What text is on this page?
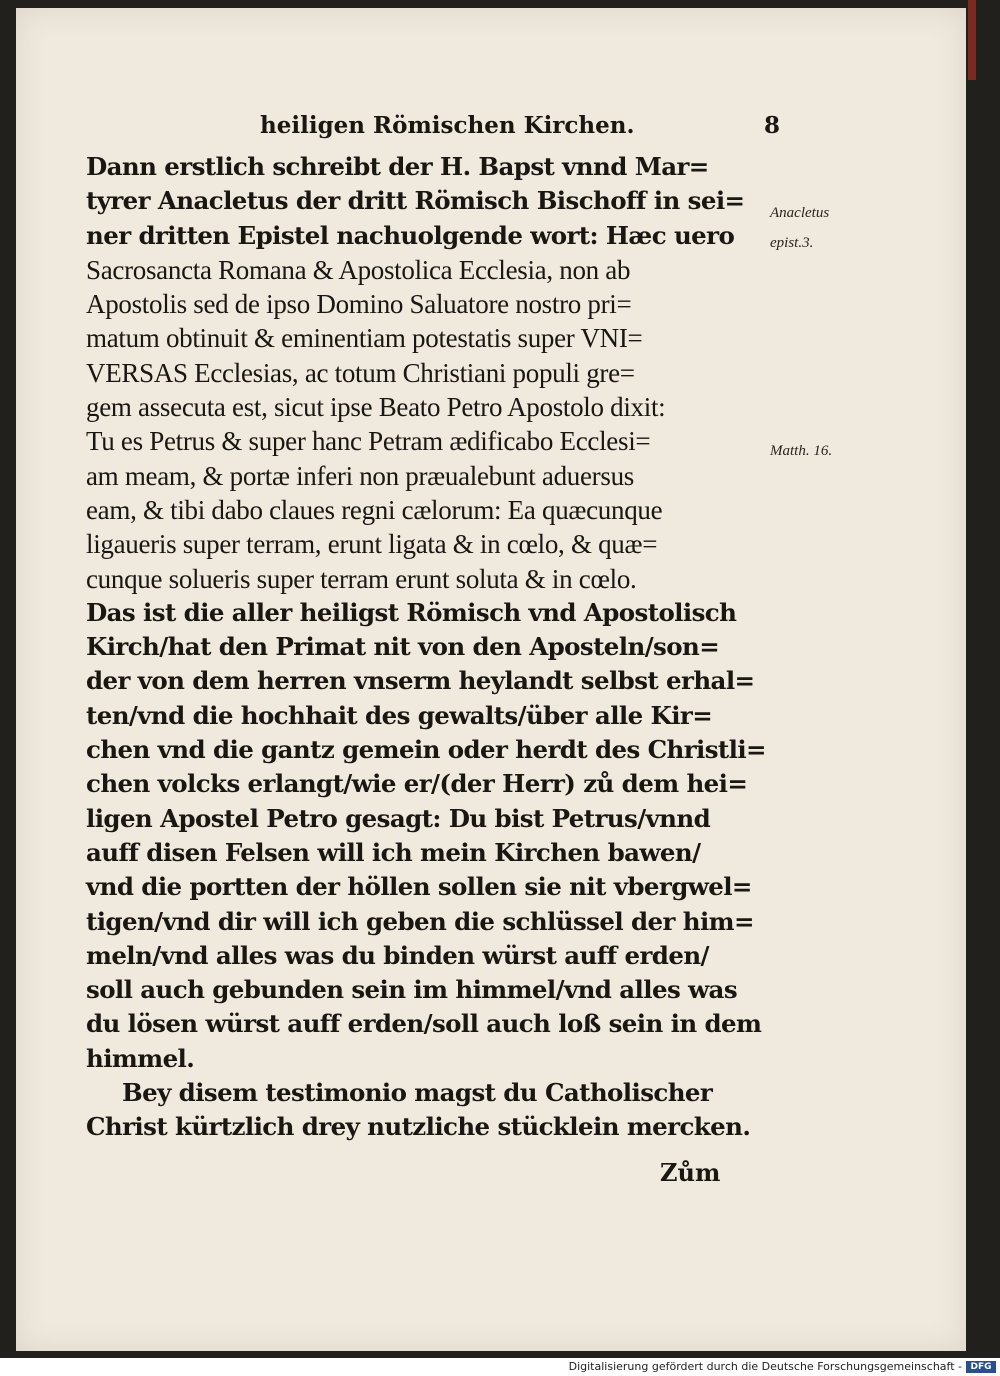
heiligen Römischen Kirchen.	8
Dann erstlich schreibt der H. Bapst vnnd Mar=
tyrer Anacletus der dritt Römisch Bischoff in sei=
ner dritten Epistel nachuolgende wort: Hæc uero
Sacrosancta Romana & Apostolica Ecclesia, non ab
Apostolis sed de ipso Domino Saluatore nostro pri=
matum obtinuit & eminentiam potestatis super VNI=
VERSAS Ecclesias, ac totum Christiani populi gre=
gem assecuta est, sicut ipse Beato Petro Apostolo dixit:
Tu es Petrus & super hanc Petram ædificabo Ecclesi=
am meam, & portæ inferi non præualebunt aduersus
eam, & tibi dabo claues regni cælorum: Ea quæcunque
ligaueris super terram, erunt ligata & in cœlo, & quæ=
cunque solueris super terram erunt soluta & in cœlo.
Das ist die aller heiligst Römisch vnd Apostolisch
Kirch/hat den Primat nit von den Aposteln/son=
der von dem herren vnserm heylandt selbst erhal=
ten/vnd die hochhait des gewalts/über alle Kir=
chen vnd die gantz gemein oder herdt des Christli=
chen volcks erlangt/wie er/(der Herr) zů dem hei=
ligen Apostel Petro gesagt: Du bist Petrus/vnnd
auff disen Felsen will ich mein Kirchen bawen/
vnd die portten der höllen sollen sie nit vbergwel=
tigen/vnd dir will ich geben die schlüssel der him=
meln/vnd alles was du binden würst auff erden/
soll auch gebunden sein im himmel/vnd alles was
du lösen würst auff erden/soll auch loß sein in dem
himmel.
Bey disem testimonio magst du Catholischer
Christ kürtzlich drey nutzliche stücklein mercken.
Zům
Anacletus
epist.3.
Matth. 16.
Digitalisierung gefördert durch die Deutsche Forschungsgemeinschaft - DFG
